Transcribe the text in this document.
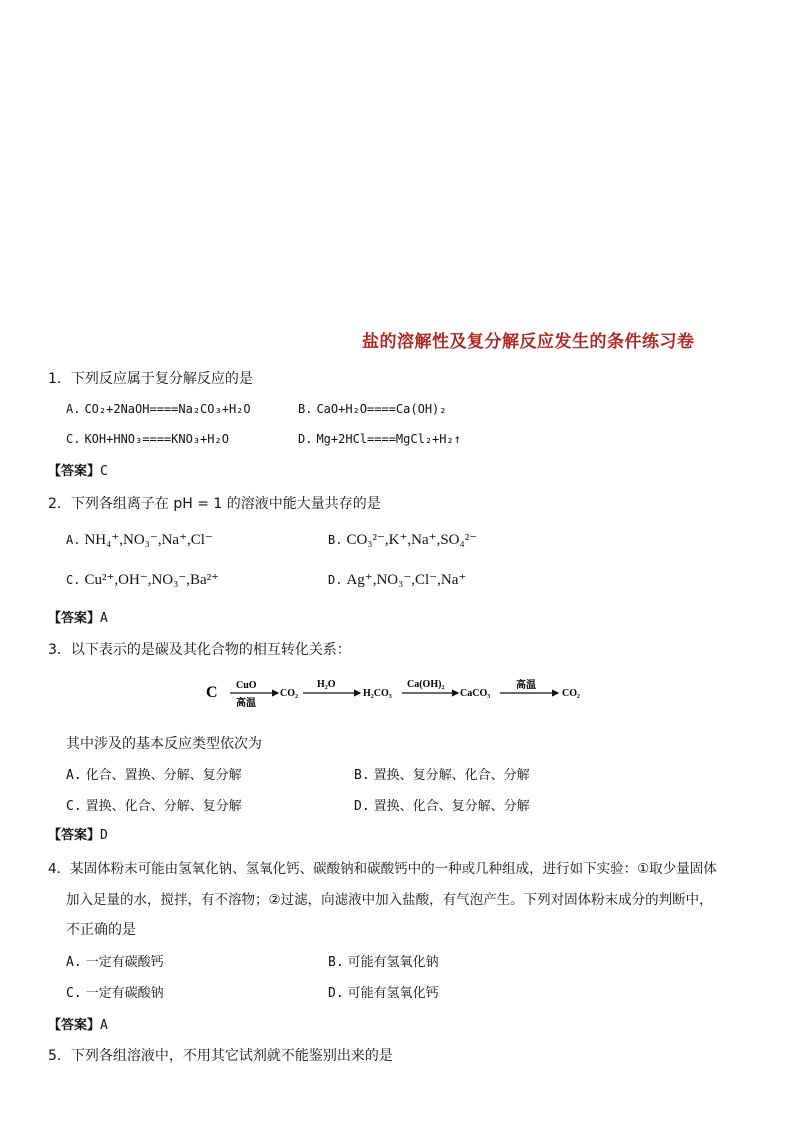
盐的溶解性及复分解反应发生的条件练习卷
1．下列反应属于复分解反应的是
A. CO₂+2NaOH====Na₂CO₃+H₂O	B. CaO+H₂O====Ca(OH)₂
C. KOH+HNO₃====KNO₃+H₂O	D. Mg+2HCl====MgCl₂+H₂↑
【答案】C
2．下列各组离子在 pH = 1 的溶液中能大量共存的是
A. NH₄⁺,NO₃⁻,Na⁺,Cl⁻	B. CO₃²⁻,K⁺,Na⁺,SO₄²⁻
C. Cu²⁺,OH⁻,NO₃⁻,Ba²⁺	D. Ag⁺,NO₃⁻,Cl⁻,Na⁺
【答案】A
3．以下表示的是碳及其化合物的相互转化关系：
C CuO
高温
CO₂
H₂O
H₂CO₃
Ca(OH)₂
CaCO₃
高温
CO₂
其中涉及的基本反应类型依次为
A. 化合、置换、分解、复分解	B. 置换、复分解、化合、分解
C. 置换、化合、分解、复分解	D. 置换、化合、复分解、分解
【答案】D
4．某固体粉末可能由氢氧化钠、氢氧化钙、碳酸钠和碳酸钙中的一种或几种组成，进行如下实验：①取少量固体
加入足量的水，搅拌，有不溶物；②过滤，向滤液中加入盐酸，有气泡产生。下列对固体粉末成分的判断中，
不正确的是
A. 一定有碳酸钙	B. 可能有氢氧化钠
C. 一定有碳酸钠	D. 可能有氢氧化钙
【答案】A
5．下列各组溶液中，不用其它试剂就不能鉴别出来的是
